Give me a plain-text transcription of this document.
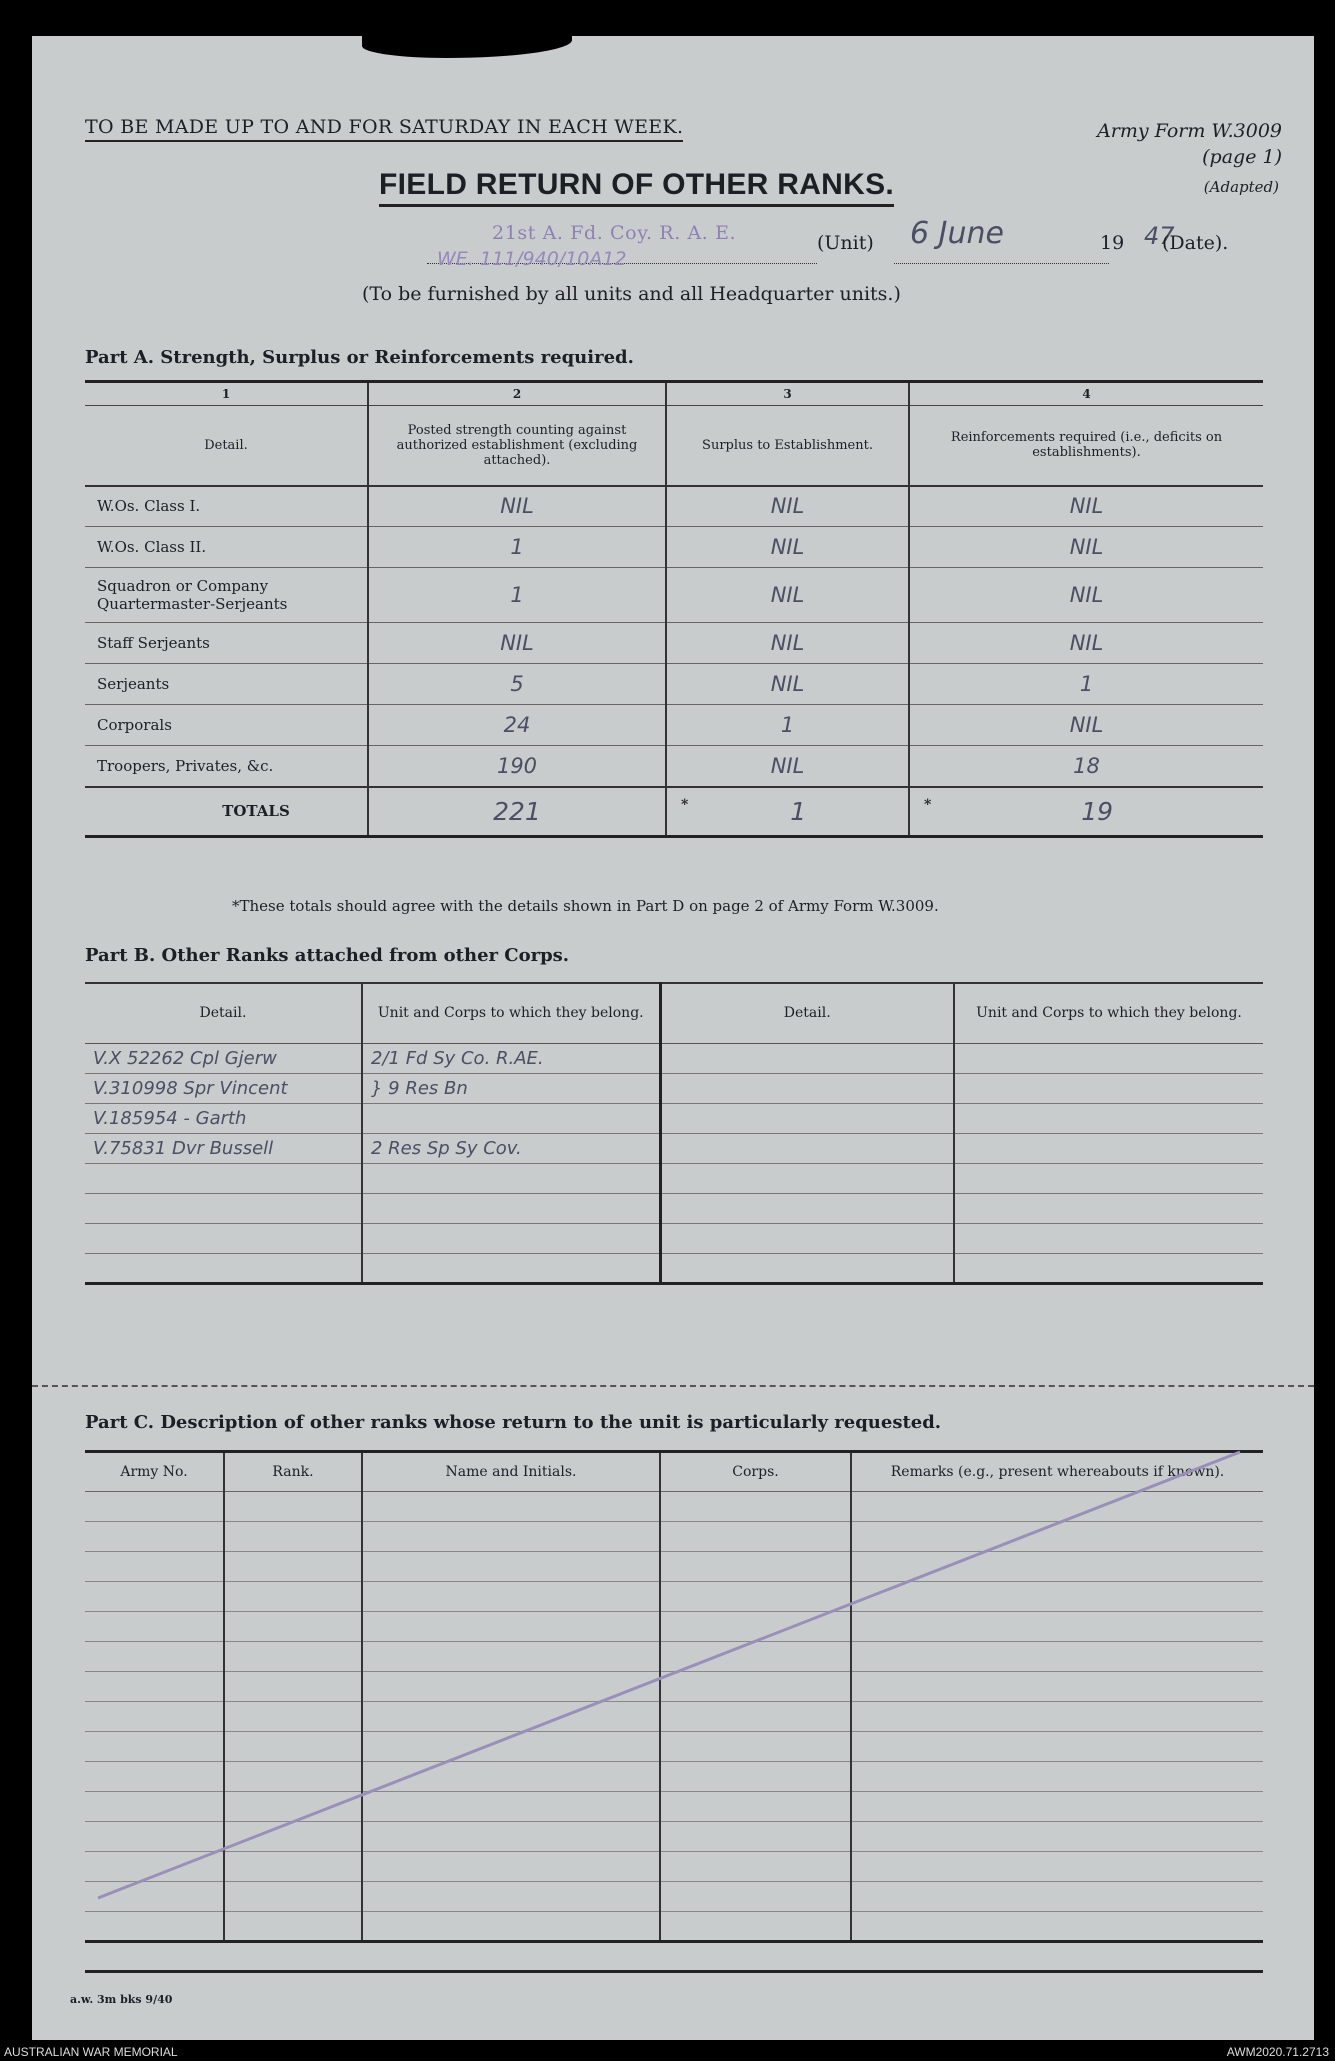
TO BE MADE UP TO AND FOR SATURDAY IN EACH WEEK.	Army Form W.3009
(page 1)
(Adapted)
FIELD RETURN OF OTHER RANKS.
21st A. Fd. Coy. R. A. E.
WE. 111/940/10A12
(Unit) 6 June	19 47
(Date).
(To be furnished by all units and all Headquarter units.)
Part A. Strength, Surplus or Reinforcements required.
1	2	3	4
Detail.	Posted strength counting against authorized establishment (excluding attached).	Surplus to Establishment.	Reinforcements required (i.e., deficits on establishments).
W.Os. Class I.	NIL	NIL	NIL
W.Os. Class II.	1	NIL	NIL
Squadron or Company Quartermaster-Serjeants	1	NIL	NIL
Staff Serjeants	NIL	NIL	NIL
Serjeants	5	NIL	1
Corporals	24	1	NIL
Troopers, Privates, &c.	190	NIL	18
TOTALS	221	* 1	* 19
*These totals should agree with the details shown in Part D on page 2 of Army Form W.3009.
Part B. Other Ranks attached from other Corps.
Detail.	Unit and Corps to which they belong.	Detail.	Unit and Corps to which they belong.
V.X 52262 Cpl Gjerw	2/1 Fd Sy Co. R.AE.		
V.310998 Spr Vincent	} 9 Res Bn		
V.185954 - Garth			
V.75831 Dvr Bussell	2 Res Sp Sy Cov.		

Part C. Description of other ranks whose return to the unit is particularly requested.
Army No.	Rank.	Name and Initials.	Corps.	Remarks (e.g., present whereabouts if known).

a.w. 3m bks 9/40
AUSTRALIAN WAR MEMORIAL	AWM2020.71.2713
